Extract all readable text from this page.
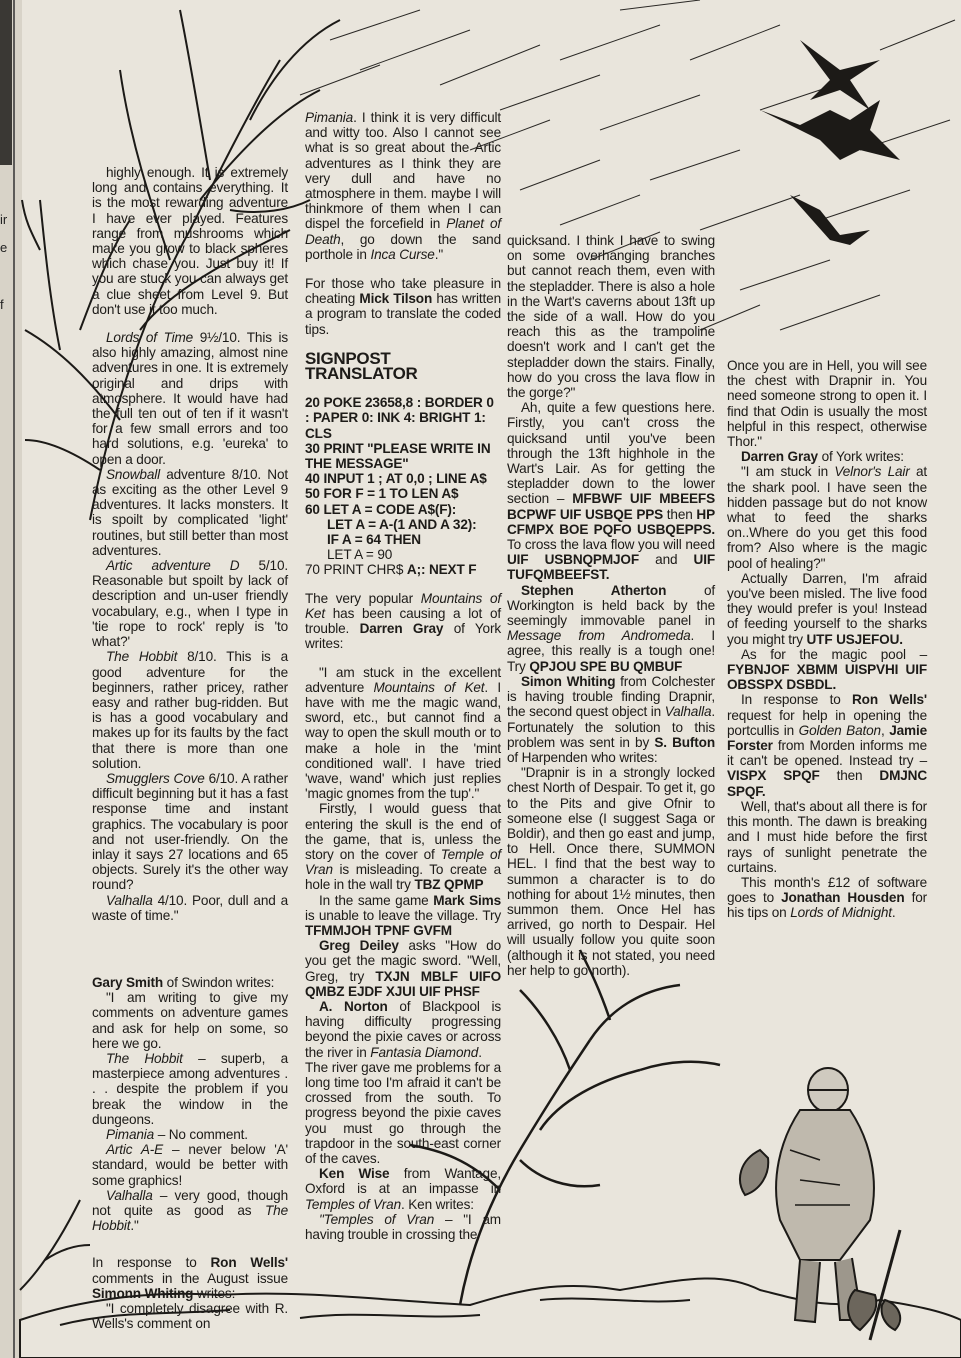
ir
e
f

highly enough. It is extremely long and contains everything. It is the most rewarding adventure I have ever played. Features range from mushrooms which make you grow to black spheres which chase you. Just buy it! If you are stuck you can always get a clue sheet from Level 9. But don't use it too much.

Lords of Time 9½/10. This is also highly amazing, almost nine adventures in one. It is extremely original and drips with atmosphere. It would have had the full ten out of ten if it wasn't for a few small errors and too hard solutions, e.g. 'eureka' to open a door.

Snowball adventure 8/10. Not as exciting as the other Level 9 adventures. It lacks monsters. It is spoilt by complicated 'light' routines, but still better than most adventures.

Artic adventure D 5/10. Reasonable but spoilt by lack of description and un-user friendly vocabulary, e.g., when I type in 'tie rope to rock' reply is 'to what?'

The Hobbit 8/10. This is a good adventure for the beginners, rather pricey, rather easy and rather bug-ridden. But is has a good vocabulary and makes up for its faults by the fact that there is more than one solution.

Smugglers Cove 6/10. A rather difficult beginning but it has a fast response time and instant graphics. The vocabulary is poor and not user-friendly. On the inlay it says 27 locations and 65 objects. Surely it's the other way round?

Valhalla 4/10. Poor, dull and a waste of time."

Gary Smith of Swindon writes:

"I am writing to give my comments on adventure games and ask for help on some, so here we go.

The Hobbit – superb, a masterpiece among adventures . . . despite the problem if you break the window in the dungeons.

Pimania – No comment.

Artic A-E – never below 'A' standard, would be better with some graphics!

Valhalla – very good, though not quite as good as The Hobbit."

In response to Ron Wells' comments in the August issue Simonn Whiting writes:

"I completely disagree with R. Wells's comment on

Pimania. I think it is very difficult and witty too. Also I cannot see what is so great about the Artic adventures as I think they are very dull and have no atmosphere in them. maybe I will thinkmore of them when I can dispel the forcefield in Planet of Death, go down the sand porthole in Inca Curse."

For those who take pleasure in cheating Mick Tilson has written a program to translate the coded tips.

SIGNPOST TRANSLATOR
20 POKE 23658,8 : BORDER 0 : PAPER 0: INK 4: BRIGHT 1: CLS
30 PRINT "PLEASE WRITE IN THE MESSAGE"
40 INPUT 1 ; AT 0,0 ; LINE A$
50 FOR F = 1 TO LEN A$
60 LET A = CODE A$(F):
LET A = A-(1 AND A 32):
IF A = 64 THEN
LET A = 90
70 PRINT CHR$ A;: NEXT F

The very popular Mountains of Ket has been causing a lot of trouble. Darren Gray of York writes:

"I am stuck in the excellent adventure Mountains of Ket. I have with me the magic wand, sword, etc., but cannot find a way to open the skull mouth or to make a hole in the 'mint conditioned wall'. I have tried 'wave, wand' which just replies 'magic gnomes from the tup'."

Firstly, I would guess that entering the skull is the end of the game, that is, unless the story on the cover of Temple of Vran is misleading. To create a hole in the wall try TBZ QPMP

In the same game Mark Sims is unable to leave the village. Try TFMMJOH TPNF GVFM

Greg Deiley asks "How do you get the magic sword. "Well, Greg, try TXJN MBLF UIFO QMBZ EJDF XJUI UIF PHSF

A. Norton of Blackpool is having difficulty progressing beyond the pixie caves or across the river in Fantasia Diamond.

The river gave me problems for a long time too I'm afraid it can't be crossed from the south. To progress beyond the pixie caves you must go through the trapdoor in the south-east corner of the caves.

Ken Wise from Wantage, Oxford is at an impasse in Temples of Vran. Ken writes:

"Temples of Vran – "I am having trouble in crossing the

quicksand. I think I have to swing on some overhanging branches but cannot reach them, even with the stepladder. There is also a hole in the Wart's caverns about 13ft up the side of a wall. How do you reach this as the trampoline doesn't work and I can't get the stepladder down the stairs. Finally, how do you cross the lava flow in the gorge?"

Ah, quite a few questions here. Firstly, you can't cross the quicksand until you've been through the 13ft highhole in the Wart's Lair. As for getting the stepladder down to the lower section – MFBWF UIF MBEEFS BCPWF UIF USBQE PPS then HP CFMPX BOE PQFO USBQEPPS. To cross the lava flow you will need UIF USBNQPMJOF and UIF TUFQMBEEFST.

Stephen Atherton of Workington is held back by the seemingly immovable panel in Message from Andromeda. I agree, this really is a tough one! Try QPJOU SPE BU QMBUF

Simon Whiting from Colchester is having trouble finding Drapnir, the second quest object in Valhalla. Fortunately the solution to this problem was sent in by S. Bufton of Harpenden who writes:

"Drapnir is in a strongly locked chest North of Despair. To get it, go to the Pits and give Ofnir to someone else (I suggest Saga or Boldir), and then go east and jump, to Hell. Once there, SUMMON HEL. I find that the best way to summon a character is to do nothing for about 1½ minutes, then summon them. Once Hel has arrived, go north to Despair. Hel will usually follow you quite soon (although it is not stated, you need her help to go north).

Once you are in Hell, you will see the chest with Drapnir in. You need someone strong to open it. I find that Odin is usually the most helpful in this respect, otherwise Thor."

Darren Gray of York writes:

"I am stuck in Velnor's Lair at the shark pool. I have seen the hidden passage but do not know what to feed the sharks on..Where do you get this food from? Also where is the magic pool of healing?"

Actually Darren, I'm afraid you've been misled. The live food they would prefer is you! Instead of feeding yourself to the sharks you might try UTF USJEFOU.

As for the magic pool – FYBNJOF XBMM UISPVHI UIF OBSSPX DSBDL.

In response to Ron Wells' request for help in opening the portcullis in Golden Baton, Jamie Forster from Morden informs me it can't be opened. Instead try – VISPX SPQF then DMJNC SPQF.

Well, that's about all there is for this month. The dawn is breaking and I must hide before the first rays of sunlight penetrate the curtains.

This month's £12 of software goes to Jonathan Housden for his tips on Lords of Midnight.
